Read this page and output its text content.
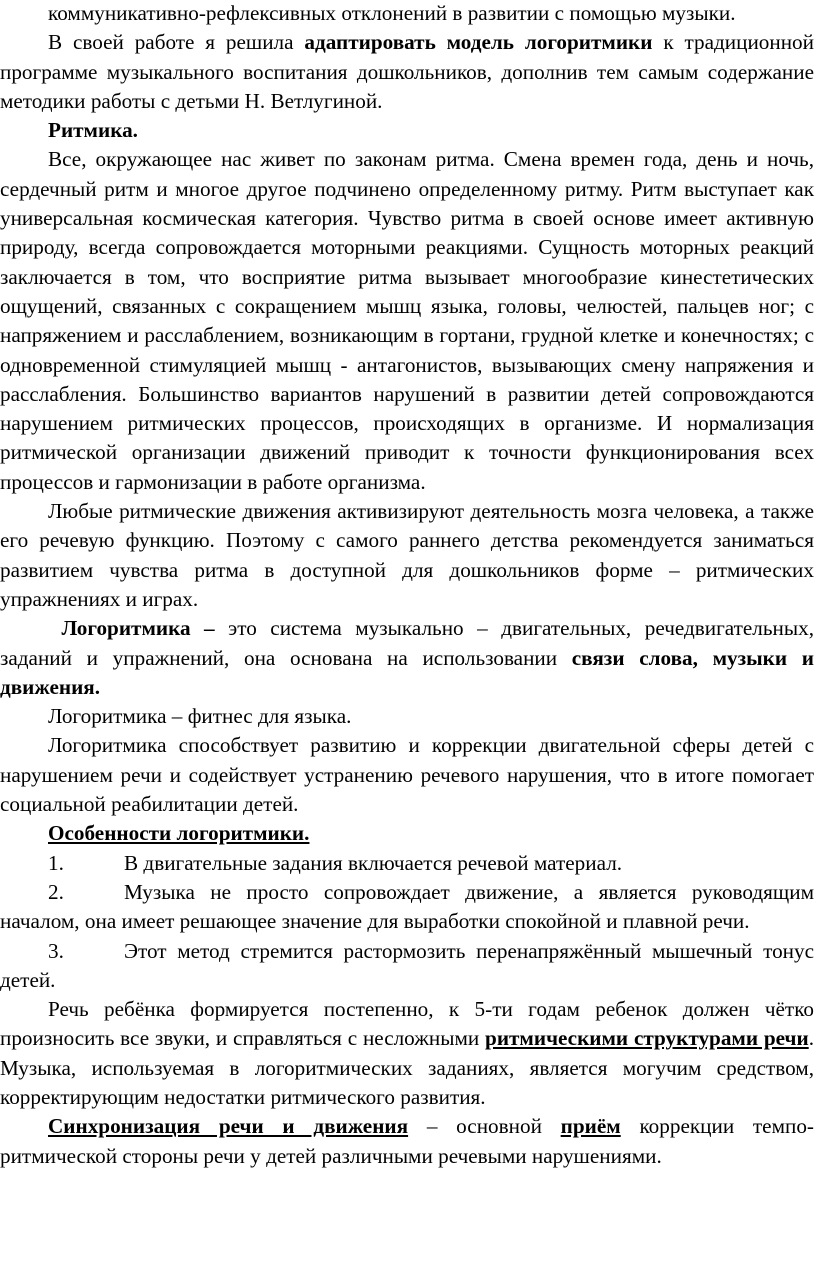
коммуникативно-рефлексивных отклонений в развитии с помощью музыки.

В своей работе я решила адаптировать модель логоритмики к традиционной программе музыкального воспитания дошкольников, дополнив тем самым содержание методики работы с детьми Н. Ветлугиной.

Ритмика.

Все, окружающее нас живет по законам ритма. Смена времен года, день и ночь, сердечный ритм и многое другое подчинено определенному ритму. Ритм выступает как универсальная космическая категория. Чувство ритма в своей основе имеет активную природу, всегда сопровождается моторными реакциями. Сущность моторных реакций заключается в том, что восприятие ритма вызывает многообразие кинестетических ощущений, связанных с сокращением мышц языка, головы, челюстей, пальцев ног; с напряжением и расслаблением, возникающим в гортани, грудной клетке и конечностях; с одновременной стимуляцией мышц - антагонистов, вызывающих смену напряжения и расслабления. Большинство вариантов нарушений в развитии детей сопровождаются нарушением ритмических процессов, происходящих в организме. И нормализация ритмической организации движений приводит к точности функционирования всех процессов и гармонизации в работе организма.

Любые ритмические движения активизируют деятельность мозга человека, а также его речевую функцию. Поэтому с самого раннего детства рекомендуется заниматься развитием чувства ритма в доступной для дошкольников форме – ритмических упражнениях и играх.

Логоритмика – это система музыкально – двигательных, речедвигательных, заданий и упражнений, она основана на использовании связи слова, музыки и движения.

Логоритмика – фитнес для языка.

Логоритмика способствует развитию и коррекции двигательной сферы детей с нарушением речи и содействует устранению речевого нарушения, что в итоге помогает социальной реабилитации детей.

Особенности логоритмики.

1.	В двигательные задания включается речевой материал.

2.	Музыка не просто сопровождает движение, а является руководящим началом, она имеет решающее значение для выработки спокойной и плавной речи.

3.	Этот метод стремится растормозить перенапряжённый мышечный тонус детей.

Речь ребёнка формируется постепенно, к 5-ти годам ребенок должен чётко произносить все звуки, и справляться с несложными ритмическими структурами речи. Музыка, используемая в логоритмических заданиях, является могучим средством, корректирующим недостатки ритмического развития.

Синхронизация речи и движения – основной приём коррекции темпо-ритмической стороны речи у детей различными речевыми нарушениями.
